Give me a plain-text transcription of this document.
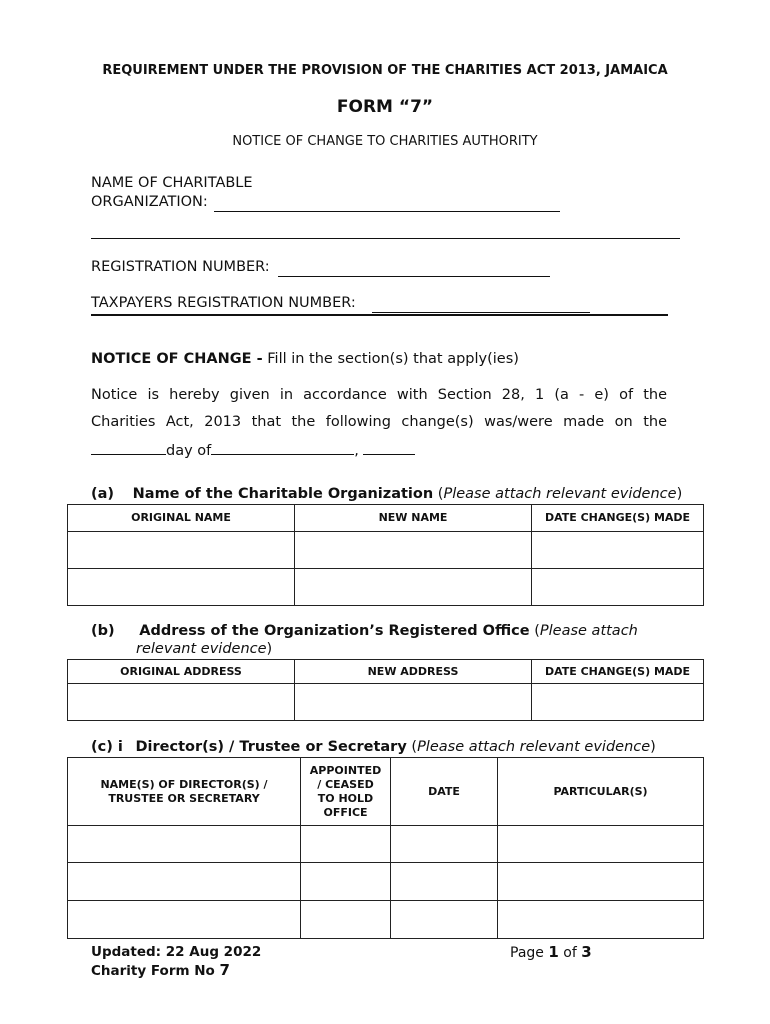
REQUIREMENT UNDER THE PROVISION OF THE CHARITIES ACT 2013, JAMAICA
FORM “7”
NOTICE OF CHANGE TO CHARITIES AUTHORITY
NAME OF CHARITABLE
ORGANIZATION:
REGISTRATION NUMBER:
TAXPAYERS REGISTRATION NUMBER:
NOTICE OF CHANGE - Fill in the section(s) that apply(ies)
Notice is hereby given in accordance with Section 28, 1 (a - e) of the
Charities Act, 2013 that the following change(s) was/were made on the
day of	,
(a) Name of the Charitable Organization (Please attach relevant evidence)
ORIGINAL NAME	NEW NAME	DATE CHANGE(S) MADE

(b) Address of the Organization’s Registered Office (Please attach
relevant evidence)
ORIGINAL ADDRESS	NEW ADDRESS	DATE CHANGE(S) MADE

(c) i Director(s) / Trustee or Secretary (Please attach relevant evidence)
NAME(S) OF DIRECTOR(S) / TRUSTEE OR SECRETARY	APPOINTED / CEASED TO HOLD OFFICE	DATE	PARTICULAR(S)

Updated: 22 Aug 2022
Charity Form No 7
Page 1 of 3
